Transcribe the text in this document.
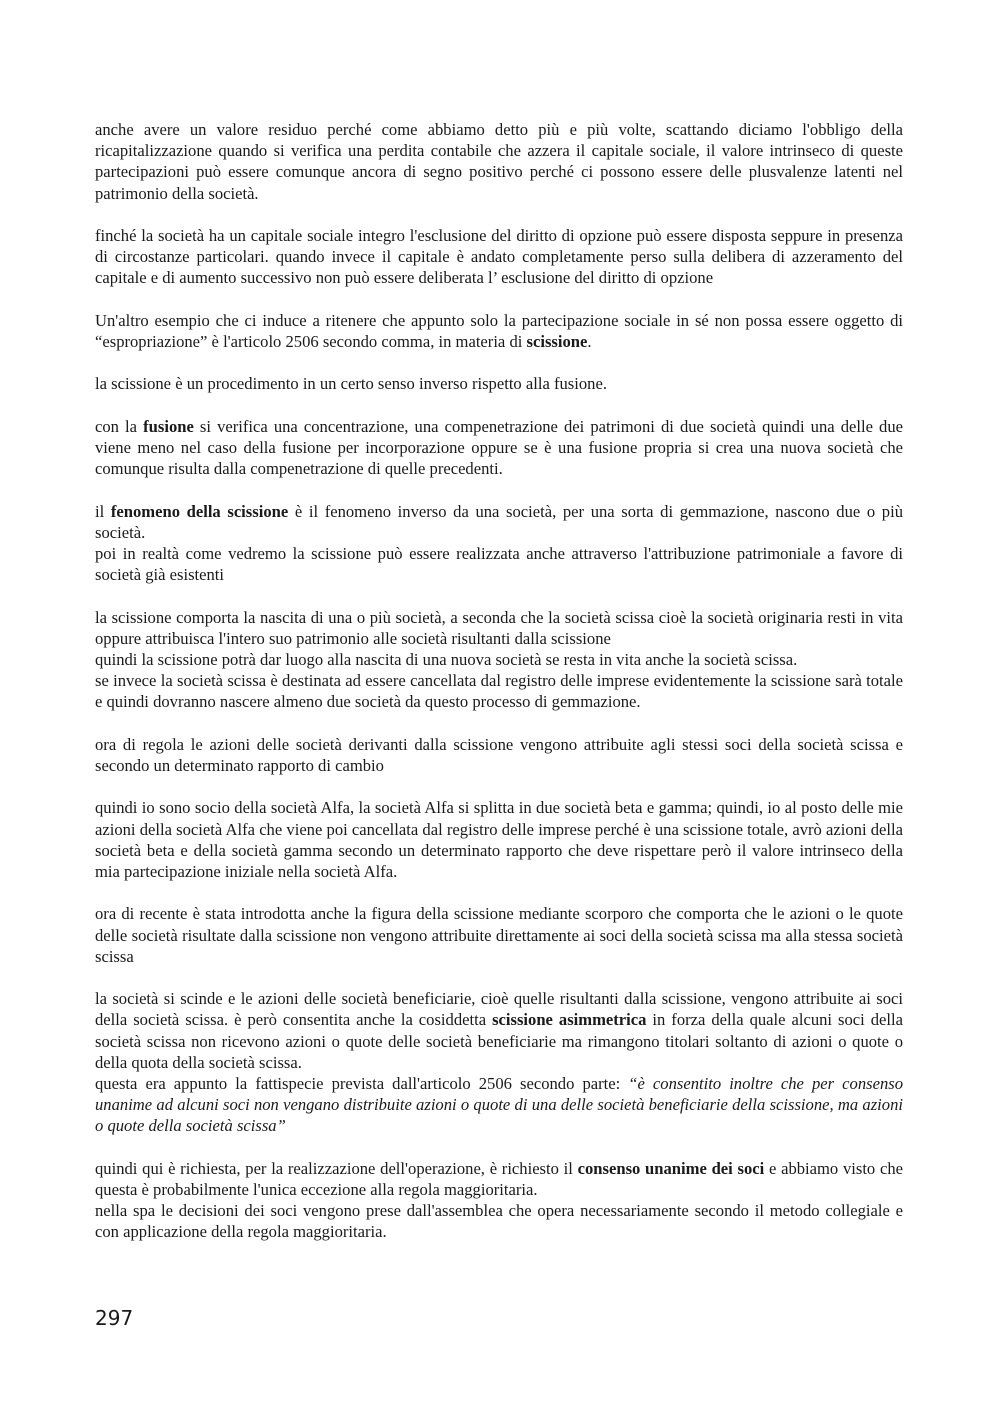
anche avere un valore residuo perché come abbiamo detto più e più volte, scattando diciamo l'obbligo della ricapitalizzazione quando si verifica una perdita contabile che azzera il capitale sociale, il valore intrinseco di queste partecipazioni può essere comunque ancora di segno positivo perché ci possono essere delle plusvalenze latenti nel patrimonio della società.

finché la società ha un capitale sociale integro l'esclusione del diritto di opzione può essere disposta seppure in presenza di circostanze particolari. quando invece il capitale è andato completamente perso sulla delibera di azzeramento del capitale e di aumento successivo non può essere deliberata l’ esclusione del diritto di opzione

Un'altro esempio che ci induce a ritenere che appunto solo la partecipazione sociale in sé non possa essere oggetto di “espropriazione” è l'articolo 2506 secondo comma, in materia di scissione.

la scissione è un procedimento in un certo senso inverso rispetto alla fusione.

con la fusione si verifica una concentrazione, una compenetrazione dei patrimoni di due società quindi una delle due viene meno nel caso della fusione per incorporazione oppure se è una fusione propria si crea una nuova società che comunque risulta dalla compenetrazione di quelle precedenti.

il fenomeno della scissione è il fenomeno inverso da una società, per una sorta di gemmazione, nascono due o più società.

poi in realtà come vedremo la scissione può essere realizzata anche attraverso l'attribuzione patrimoniale a favore di società già esistenti

la scissione comporta la nascita di una o più società, a seconda che la società scissa cioè la società originaria resti in vita oppure attribuisca l'intero suo patrimonio alle società risultanti dalla scissione

quindi la scissione potrà dar luogo alla nascita di una nuova società se resta in vita anche la società scissa.

se invece la società scissa è destinata ad essere cancellata dal registro delle imprese evidentemente la scissione sarà totale e quindi dovranno nascere almeno due società da questo processo di gemmazione.

ora di regola le azioni delle società derivanti dalla scissione vengono attribuite agli stessi soci della società scissa e secondo un determinato rapporto di cambio

quindi io sono socio della società Alfa, la società Alfa si splitta in due società beta e gamma; quindi, io al posto delle mie azioni della società Alfa che viene poi cancellata dal registro delle imprese perché è una scissione totale, avrò azioni della società beta e della società gamma secondo un determinato rapporto che deve rispettare però il valore intrinseco della mia partecipazione iniziale nella società Alfa.

ora di recente è stata introdotta anche la figura della scissione mediante scorporo che comporta che le azioni o le quote delle società risultate dalla scissione non vengono attribuite direttamente ai soci della società scissa ma alla stessa società scissa

la società si scinde e le azioni delle società beneficiarie, cioè quelle risultanti dalla scissione, vengono attribuite ai soci della società scissa. è però consentita anche la cosiddetta scissione asimmetrica in forza della quale alcuni soci della società scissa non ricevono azioni o quote delle società beneficiarie ma rimangono titolari soltanto di azioni o quote o della quota della società scissa.

questa era appunto la fattispecie prevista dall'articolo 2506 secondo parte: “è consentito inoltre che per consenso unanime ad alcuni soci non vengano distribuite azioni o quote di una delle società beneficiarie della scissione, ma azioni o quote della società scissa”

quindi qui è richiesta, per la realizzazione dell'operazione, è richiesto il consenso unanime dei soci e abbiamo visto che questa è probabilmente l'unica eccezione alla regola maggioritaria.

nella spa le decisioni dei soci vengono prese dall'assemblea che opera necessariamente secondo il metodo collegiale e con applicazione della regola maggioritaria.

297
